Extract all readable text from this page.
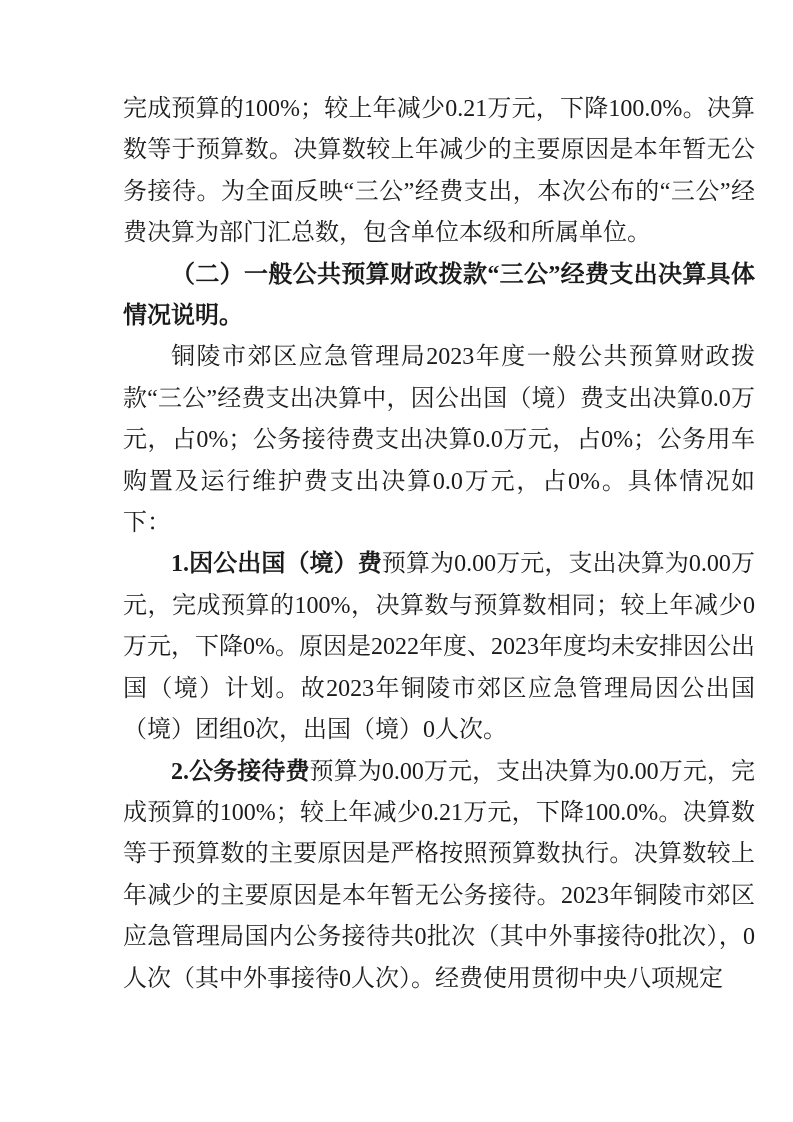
完成预算的100%；较上年减少0.21万元，下降100.0%。决算数等于预算数。决算数较上年减少的主要原因是本年暂无公务接待。为全面反映“三公”经费支出，本次公布的“三公”经费决算为部门汇总数，包含单位本级和所属单位。

（二）一般公共预算财政拨款“三公”经费支出决算具体情况说明。

铜陵市郊区应急管理局2023年度一般公共预算财政拨款“三公”经费支出决算中，因公出国（境）费支出决算0.0万元，占0%；公务接待费支出决算0.0万元，占0%；公务用车购置及运行维护费支出决算0.0万元，占0%。具体情况如下：

1.因公出国（境）费预算为0.00万元，支出决算为0.00万元，完成预算的100%，决算数与预算数相同；较上年减少0万元，下降0%。原因是2022年度、2023年度均未安排因公出国（境）计划。故2023年铜陵市郊区应急管理局因公出国（境）团组0次，出国（境）0人次。

2.公务接待费预算为0.00万元，支出决算为0.00万元，完成预算的100%；较上年减少0.21万元，下降100.0%。决算数等于预算数的主要原因是严格按照预算数执行。决算数较上年减少的主要原因是本年暂无公务接待。2023年铜陵市郊区应急管理局国内公务接待共0批次（其中外事接待0批次），0人次（其中外事接待0人次）。经费使用贯彻中央八项规定
